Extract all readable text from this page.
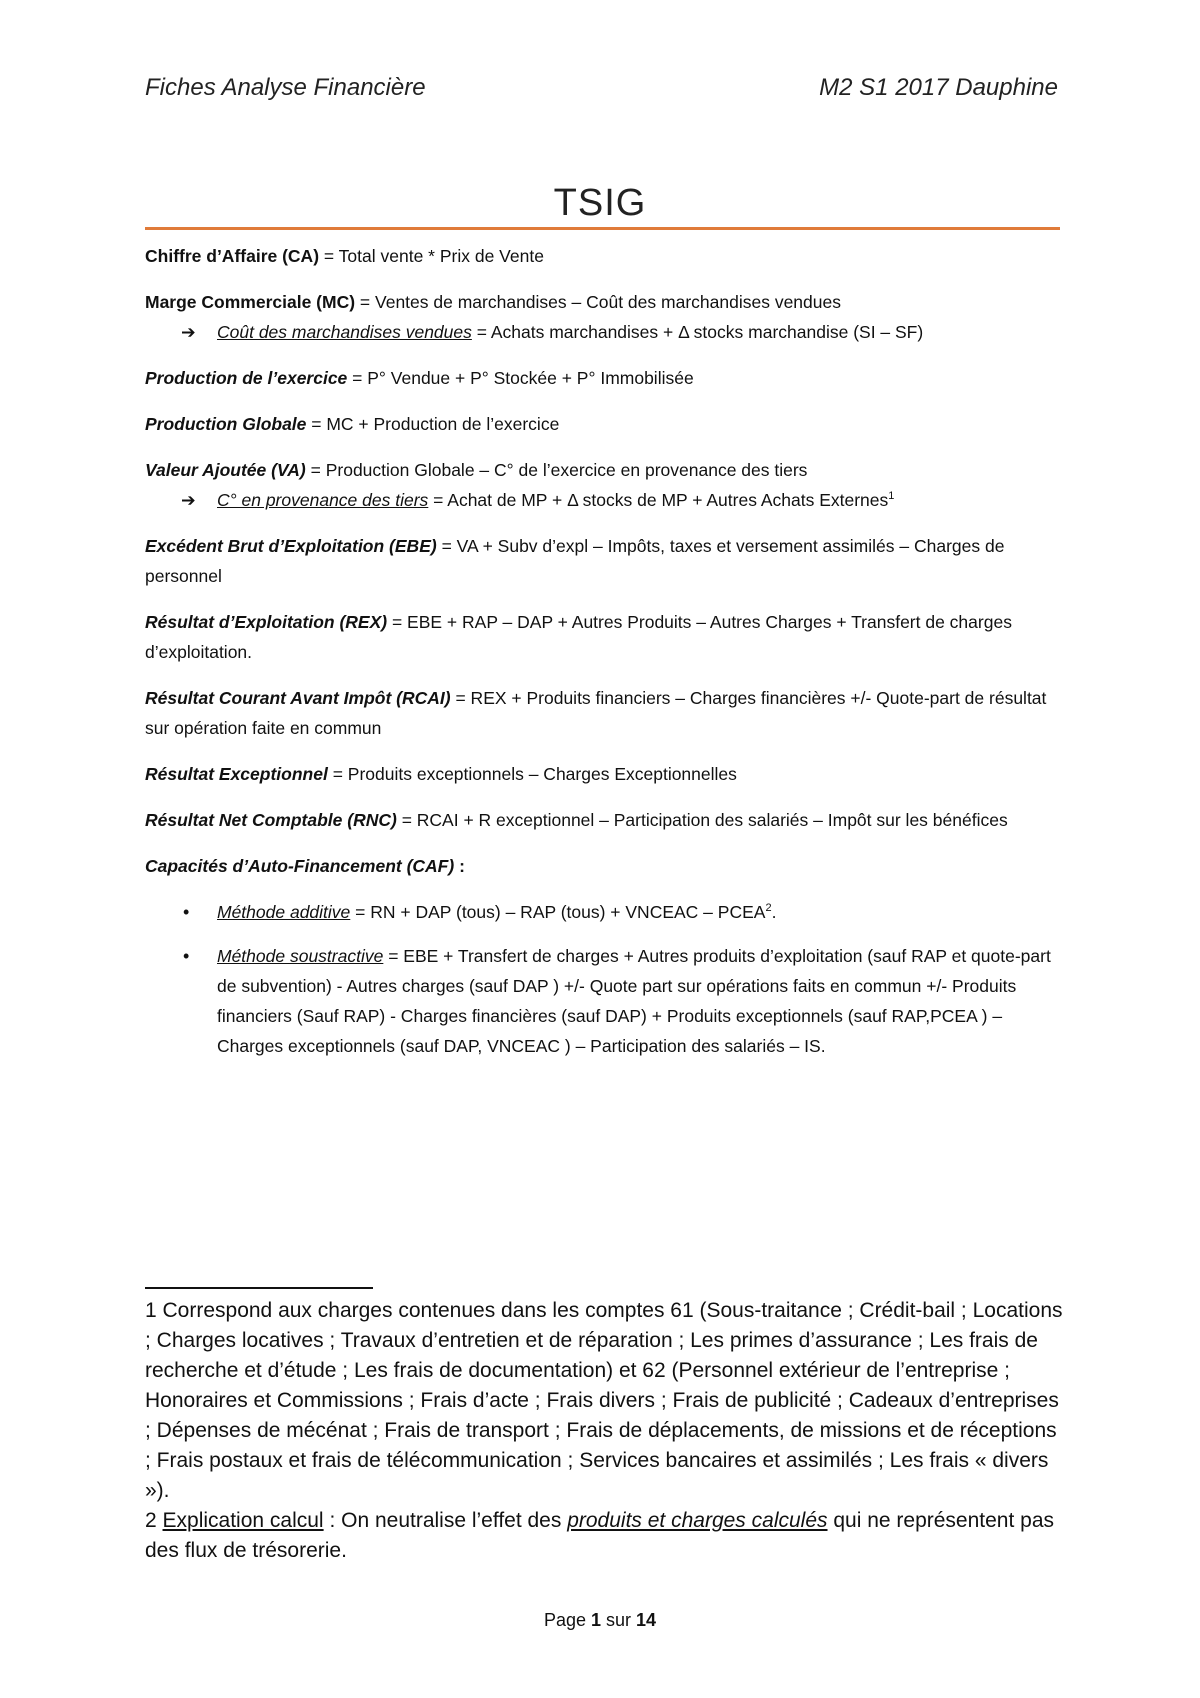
Fiches Analyse Financière	M2 S1 2017 Dauphine
TSIG

Chiffre d’Affaire (CA) = Total vente * Prix de Vente

Marge Commerciale (MC) = Ventes de marchandises – Coût des marchandises vendues

➔	Coût des marchandises vendues = Achats marchandises + Δ stocks marchandise (SI – SF)

Production de l’exercice = P° Vendue + P° Stockée + P° Immobilisée

Production Globale = MC + Production de l’exercice

Valeur Ajoutée (VA) = Production Globale – C° de l’exercice en provenance des tiers

➔	C° en provenance des tiers = Achat de MP + Δ stocks de MP + Autres Achats Externes$^1$

Excédent Brut d’Exploitation (EBE) = VA + Subv d’expl – Impôts, taxes et versement assimilés – Charges de personnel

Résultat d’Exploitation (REX) = EBE + RAP – DAP + Autres Produits – Autres Charges + Transfert de charges d’exploitation.

Résultat Courant Avant Impôt (RCAI) = REX + Produits financiers – Charges financières +/- Quote-part de résultat sur opération faite en commun

Résultat Exceptionnel = Produits exceptionnels – Charges Exceptionnelles

Résultat Net Comptable (RNC) = RCAI + R exceptionnel – Participation des salariés – Impôt sur les bénéfices

Capacités d’Auto-Financement (CAF) :

• Méthode additive = RN + DAP (tous) – RAP (tous) + VNCEAC – PCEA$^2$.
• Méthode soustractive = EBE + Transfert de charges + Autres produits d’exploitation (sauf RAP et quote-part de subvention) - Autres charges (sauf DAP ) +/- Quote part sur opérations faits en commun +/- Produits financiers (Sauf RAP) - Charges financières (sauf DAP) + Produits exceptionnels (sauf RAP,PCEA ) – Charges exceptionnels (sauf DAP, VNCEAC ) – Participation des salariés – IS.

1 Correspond aux charges contenues dans les comptes 61 (Sous-traitance ; Crédit-bail ; Locations ; Charges locatives ; Travaux d’entretien et de réparation ; Les primes d’assurance ; Les frais de recherche et d’étude ; Les frais de documentation) et 62 (Personnel extérieur de l’entreprise ; Honoraires et Commissions ; Frais d’acte ; Frais divers ; Frais de publicité ; Cadeaux d’entreprises ; Dépenses de mécénat ; Frais de transport ; Frais de déplacements, de missions et de réceptions ; Frais postaux et frais de télécommunication ; Services bancaires et assimilés ; Les frais « divers »).

2 Explication calcul : On neutralise l’effet des produits et charges calculés qui ne représentent pas des flux de trésorerie.

Page 1 sur 14
